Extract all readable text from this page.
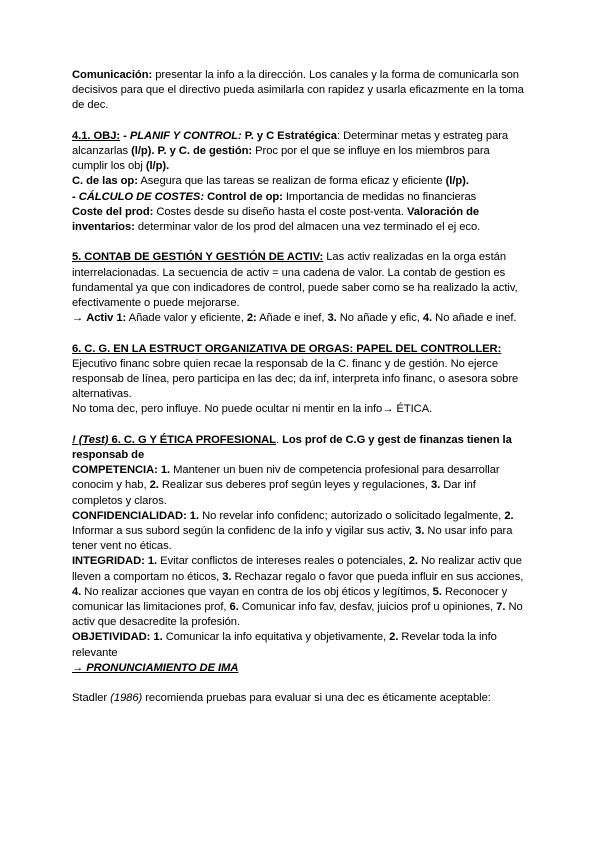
Comunicación: presentar la info a la dirección. Los canales y la forma de comunicarla son decisivos para que el directivo pueda asimilarla con rapidez y usarla eficazmente en la toma de dec.

4.1. OBJ: - PLANIF Y CONTROL: P. y C Estratégica: Determinar metas y estrateg para alcanzarlas (l/p). P. y C. de gestión: Proc por el que se influye en los miembros para cumplir los obj (l/p).

C. de las op: Asegura que las tareas se realizan de forma eficaz y eficiente (l/p).

- CÁLCULO DE COSTES: Control de op: Importancia de medidas no financieras

Coste del prod: Costes desde su diseño hasta el coste post-venta. Valoración de inventarios: determinar valor de los prod del almacen una vez terminado el ej eco.

5. CONTAB DE GESTIÓN Y GESTIÓN DE ACTIV: Las activ realizadas en la orga están interrelacionadas. La secuencia de activ = una cadena de valor. La contab de gestion es fundamental ya que con indicadores de control, puede saber como se ha realizado la activ, efectivamente o puede mejorarse.

→ Activ 1: Añade valor y eficiente, 2: Añade e inef, 3. No añade y efic, 4. No añade e inef.

6. C. G. EN LA ESTRUCT ORGANIZATIVA DE ORGAS: PAPEL DEL CONTROLLER: Ejecutivo financ sobre quien recae la responsab de la C. financ y de gestión. No ejerce responsab de línea, pero participa en las dec; da inf, interpreta info financ, o asesora sobre alternativas.

No toma dec, pero influye. No puede ocultar ni mentir en la info→ ÉTICA.

! (Test) 6. C. G Y ÉTICA PROFESIONAL. Los prof de C.G y gest de finanzas tienen la responsab de

COMPETENCIA: 1. Mantener un buen niv de competencia profesional para desarrollar conocim y hab, 2. Realizar sus deberes prof según leyes y regulaciones, 3. Dar inf completos y claros.

CONFIDENCIALIDAD: 1. No revelar info confidenc; autorizado o solicitado legalmente, 2. Informar a sus subord según la confidenc de la info y vigilar sus activ, 3. No usar info para tener vent no éticas.

INTEGRIDAD: 1. Evitar conflictos de intereses reales o potenciales, 2. No realizar activ que  lleven a comportam no éticos, 3. Rechazar regalo o favor que pueda influir en sus acciones, 4. No realizar acciones que vayan en contra de los obj éticos y legítimos, 5. Reconocer y comunicar las limitaciones prof, 6. Comunicar info fav, desfav, juicios prof u opiniones, 7. No activ que desacredite la profesión.

OBJETIVIDAD: 1. Comunicar la info equitativa y objetivamente, 2. Revelar toda la info relevante

→ PRONUNCIAMIENTO DE IMA

Stadler (1986) recomienda pruebas para evaluar si una dec es éticamente aceptable:
